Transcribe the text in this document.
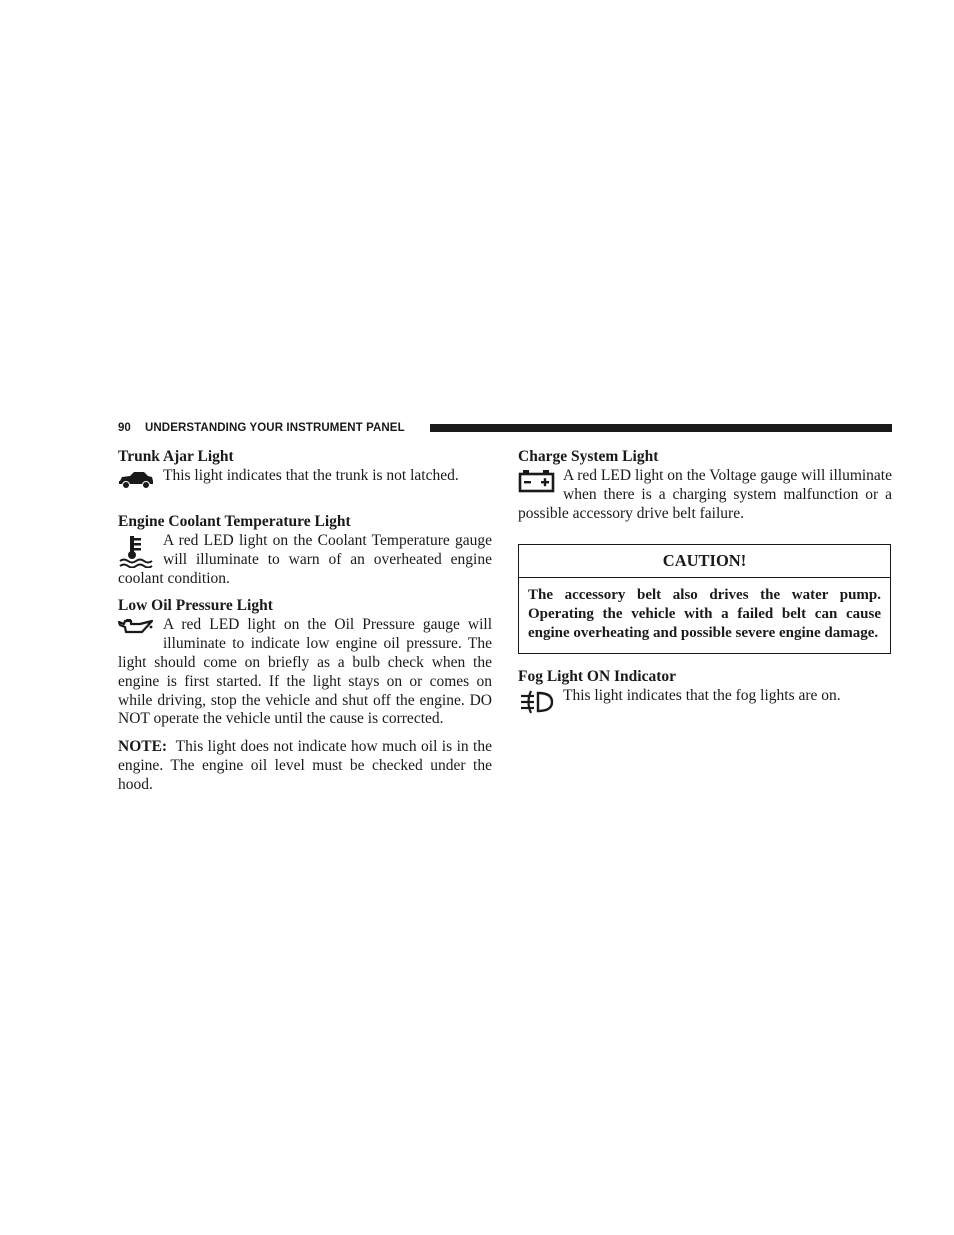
90 UNDERSTANDING YOUR INSTRUMENT PANEL

Trunk Ajar Light

This light indicates that the trunk is not latched.

Engine Coolant Temperature Light

A red LED light on the Coolant Temperature gauge will illuminate to warn of an overheated engine coolant condition.

Low Oil Pressure Light

A red LED light on the Oil Pressure gauge will illuminate to indicate low engine oil pressure. The light should come on briefly as a bulb check when the engine is first started. If the light stays on or comes on while driving, stop the vehicle and shut off the engine. DO NOT operate the vehicle until the cause is corrected.

NOTE: This light does not indicate how much oil is in the engine. The engine oil level must be checked under the hood.

Charge System Light

A red LED light on the Voltage gauge will illuminate when there is a charging system malfunction or a possible accessory drive belt failure.

CAUTION!
The accessory belt also drives the water pump. Operating the vehicle with a failed belt can cause engine overheating and possible severe engine damage.

Fog Light ON Indicator

This light indicates that the fog lights are on.
